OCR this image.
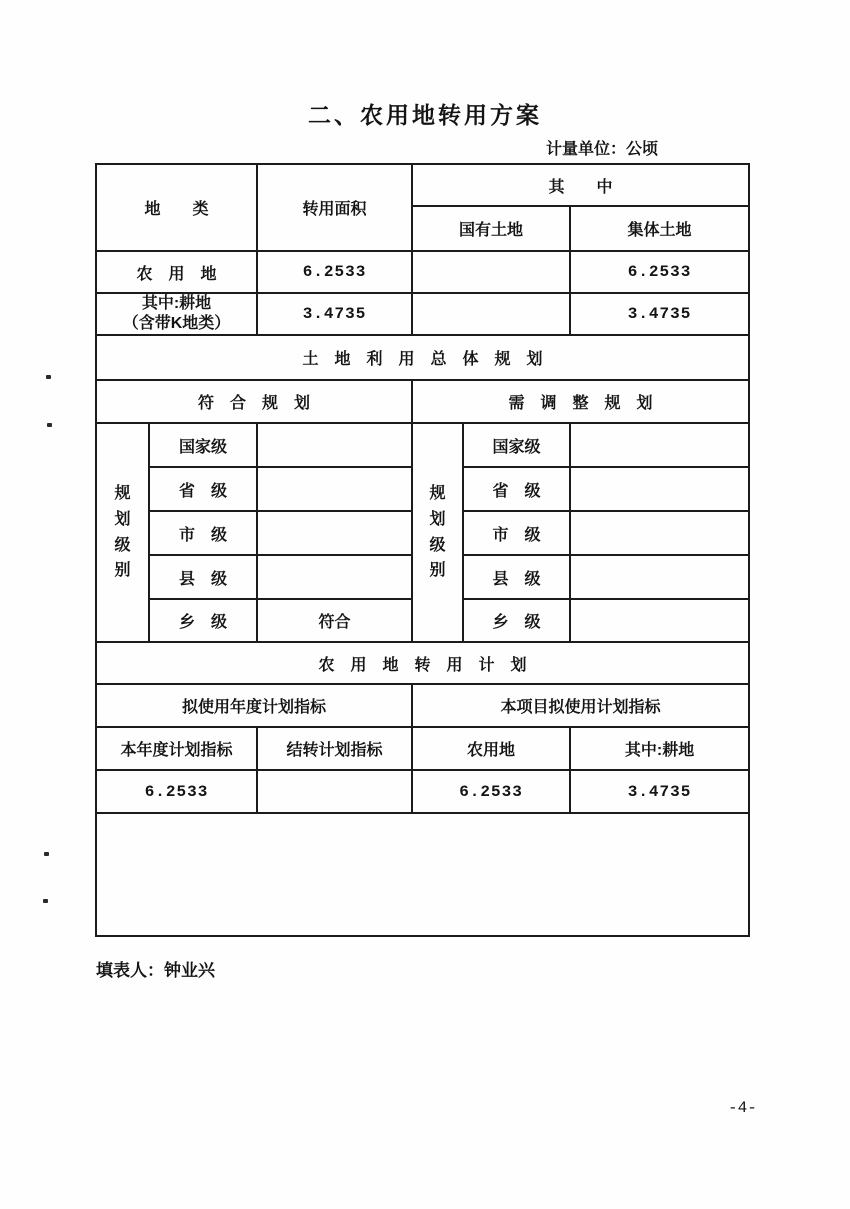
二、农用地转用方案
计量单位：公顷
地　　类		转用面积	其　　中		
			国有土地		集体土地
农　用　地		6.2533			6.2533

其中:耕地
（含带K地类）		3.4735			3.4735
土　地　利　用　总　体　规　划					
符　合　规　划			需　调　整　规　划		
规划级别	国家级		规划级别	国家级	
	省　级			省　级	
	市　级			市　级	
	县　级			县　级	
	乡　级	符合		乡　级	
农　用　地　转　用　计　划					
拟使用年度计划指标			本项目拟使用计划指标		
本年度计划指标		结转计划指标	农用地		其中:耕地
6.2533			6.2533		3.4735

填表人：钟业兴
-4-
